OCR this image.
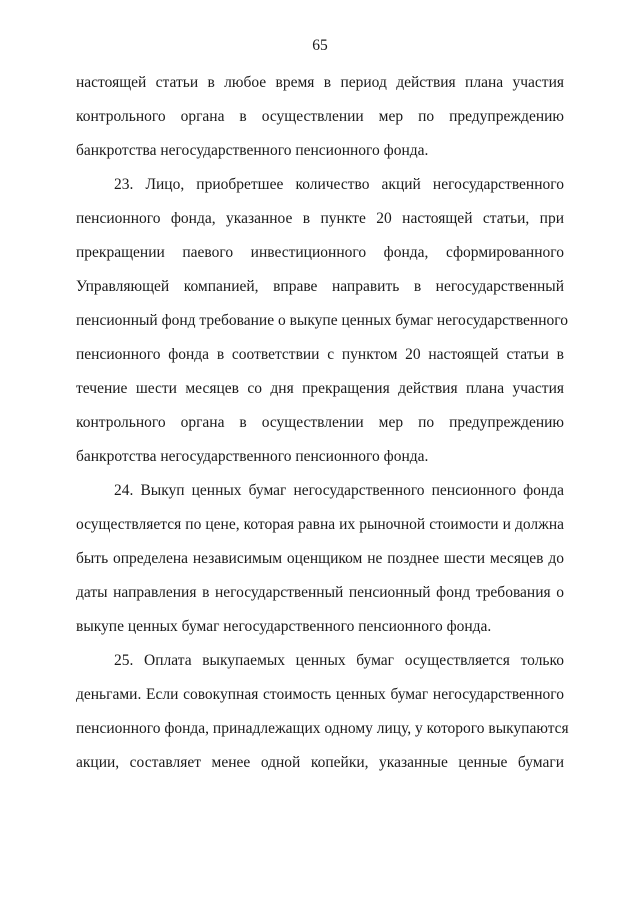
65
настоящей статьи в любое время в период действия плана участия
контрольного органа в осуществлении мер по предупреждению
банкротства негосударственного пенсионного фонда.
23. Лицо, приобретшее количество акций негосударственного
пенсионного фонда, указанное в пункте 20 настоящей статьи, при
прекращении паевого инвестиционного фонда, сформированного
Управляющей компанией, вправе направить в негосударственный
пенсионный фонд требование о выкупе ценных бумаг негосударственного
пенсионного фонда в соответствии с пунктом 20 настоящей статьи в
течение шести месяцев со дня прекращения действия плана участия
контрольного органа в осуществлении мер по предупреждению
банкротства негосударственного пенсионного фонда.
24. Выкуп ценных бумаг негосударственного пенсионного фонда
осуществляется по цене, которая равна их рыночной стоимости и должна
быть определена независимым оценщиком не позднее шести месяцев до
даты направления в негосударственный пенсионный фонд требования о
выкупе ценных бумаг негосударственного пенсионного фонда.
25. Оплата выкупаемых ценных бумаг осуществляется только
деньгами. Если совокупная стоимость ценных бумаг негосударственного
пенсионного фонда, принадлежащих одному лицу, у которого выкупаются
акции, составляет менее одной копейки, указанные ценные бумаги
